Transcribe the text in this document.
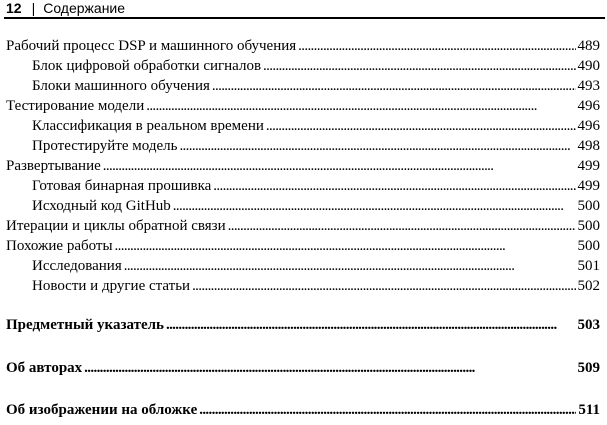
12 | Содержание
Рабочий процесс DSP и машинного обучения . . .	489
Блок цифровой обработки сигналов . . .	490
Блоки машинного обучения . . .	493
Тестирование модели . . .	496
Классификация в реальном времени . . .	496
Протестируйте модель . . .	498
Развертывание . . .	499
Готовая бинарная прошивка . . .	499
Исходный код GitHub . . .	500
Итерации и циклы обратной связи . . .	500
Похожие работы . . .	500
Исследования . . .	501
Новости и другие статьи . . .	502
Предметный указатель . . .	503
Об авторах . . .	509
Об изображении на обложке . . .	511
